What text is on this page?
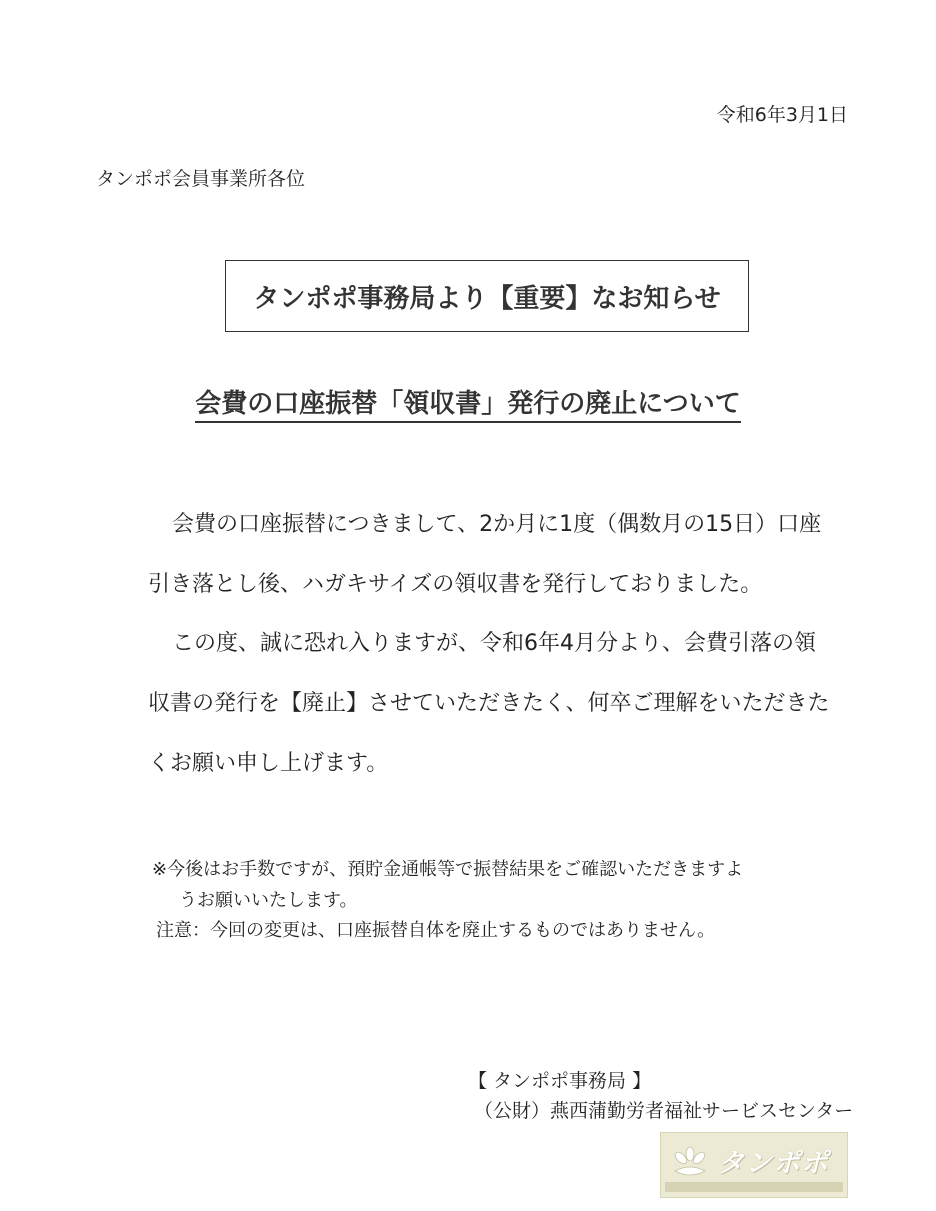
令和6年3月1日
タンポポ会員事業所各位
タンポポ事務局より【重要】なお知らせ
会費の口座振替「領収書」発行の廃止について
会費の口座振替につきまして、2か月に1度（偶数月の15日）口座
引き落とし後、ハガキサイズの領収書を発行しておりました。
この度、誠に恐れ入りますが、令和6年4月分より、会費引落の領
収書の発行を【廃止】させていただきたく、何卒ご理解をいただきた
くお願い申し上げます。
※今後はお手数ですが、預貯金通帳等で振替結果をご確認いただきますよ
うお願いいたします。
注意：今回の変更は、口座振替自体を廃止するものではありません。
【 タンポポ事務局 】
（公財）燕西蒲勤労者福祉サービスセンター
タンポポ
